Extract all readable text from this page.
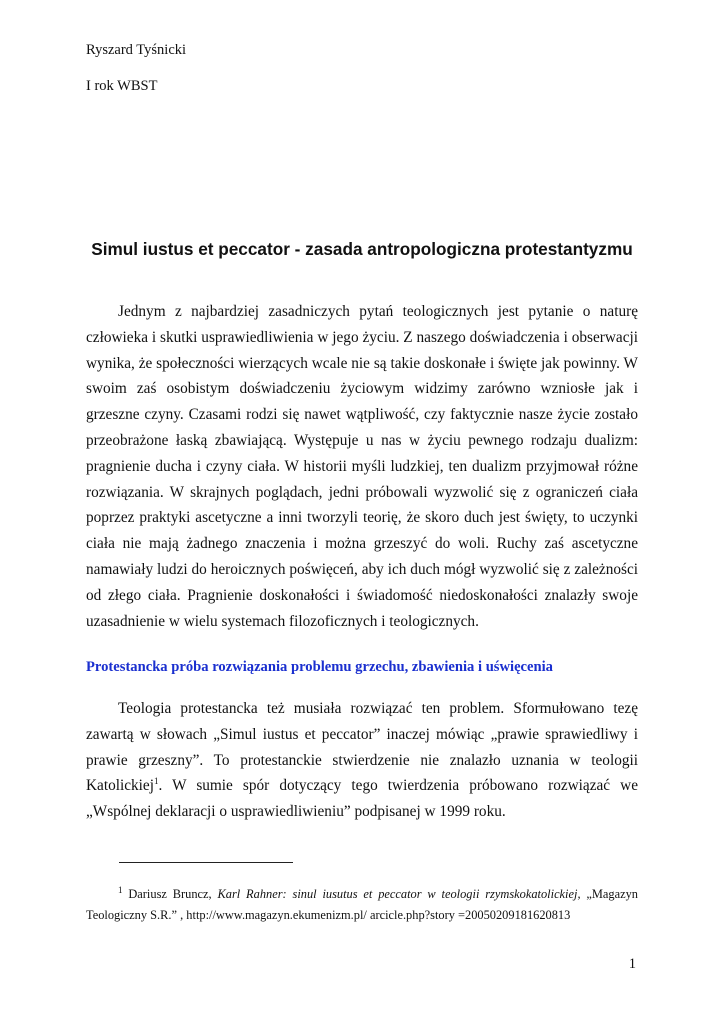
Ryszard Tyśnicki
I rok WBST
Simul iustus et peccator - zasada antropologiczna protestantyzmu

Jednym z najbardziej zasadniczych pytań teologicznych jest pytanie o naturę człowieka i skutki usprawiedliwienia w jego życiu. Z naszego doświadczenia i obserwacji wynika, że społeczności wierzących wcale nie są takie doskonałe i święte jak powinny. W swoim zaś osobistym doświadczeniu życiowym widzimy zarówno wzniosłe jak i grzeszne czyny. Czasami rodzi się nawet wątpliwość, czy faktycznie nasze życie zostało przeobrażone łaską zbawiającą. Występuje u nas w życiu pewnego rodzaju dualizm: pragnienie ducha i czyny ciała. W historii myśli ludzkiej, ten dualizm przyjmował różne rozwiązania. W skrajnych poglądach, jedni próbowali wyzwolić się z ograniczeń ciała poprzez praktyki ascetyczne a inni tworzyli teorię, że skoro duch jest święty, to uczynki ciała nie mają żadnego znaczenia i można grzeszyć do woli. Ruchy zaś ascetyczne namawiały ludzi do heroicznych poświęceń, aby ich duch mógł wyzwolić się z zależności od złego ciała. Pragnienie doskonałości i świadomość niedoskonałości znalazły swoje uzasadnienie w wielu systemach filozoficznych i teologicznych.

Protestancka próba rozwiązania problemu grzechu, zbawienia i uświęcenia

Teologia protestancka też musiała rozwiązać ten problem. Sformułowano tezę zawartą w słowach „Simul iustus et peccator” inaczej mówiąc „prawie sprawiedliwy i prawie grzeszny”. To protestanckie stwierdzenie nie znalazło uznania w teologii Katolickiej$^1$. W sumie spór dotyczący tego twierdzenia próbowano rozwiązać we „Wspólnej deklaracji o usprawiedliwieniu” podpisanej w 1999 roku.

$^1$ Dariusz Bruncz, Karl Rahner: sinul iusutus et peccator w teologii rzymskokatolickiej, „Magazyn Teologiczny S.R.” , http://www.magazyn.ekumenizm.pl/ arcicle.php?story =20050209181620813

1
